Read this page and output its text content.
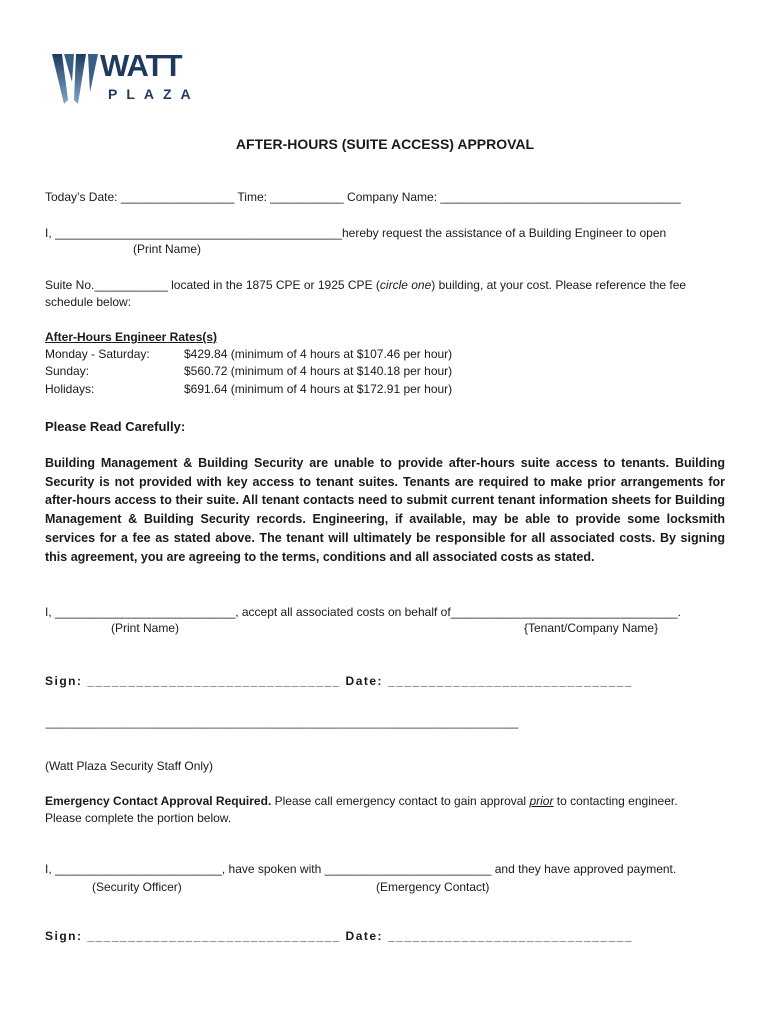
WATT
PLAZA
AFTER-HOURS (SUITE ACCESS) APPROVAL
Today’s Date: _________________ Time: ___________ Company Name: ____________________________________
I, ___________________________________________hereby request the assistance of a Building Engineer to open
(Print Name)
Suite No.___________ located in the 1875 CPE or 1925 CPE (circle one) building, at your cost. Please reference the fee
schedule below:
After-Hours Engineer Rates(s)
Monday - Saturday:	$429.84 (minimum of 4 hours at $107.46 per hour)
Sunday:	$560.72 (minimum of 4 hours at $140.18 per hour)
Holidays:	$691.64 (minimum of 4 hours at $172.91 per hour)
Please Read Carefully:
Building Management & Building Security are unable to provide after-hours suite access to tenants. Building Security is not provided with key access to tenant suites. Tenants are required to make prior arrangements for after-hours access to their suite. All tenant contacts need to submit current tenant information sheets for Building Management & Building Security records. Engineering, if available, may be able to provide some locksmith services for a fee as stated above. The tenant will ultimately be responsible for all associated costs. By signing this agreement, you are agreeing to the terms, conditions and all associated costs as stated.
I, ___________________________, accept all associated costs on behalf of__________________________________.
(Print Name)	{Tenant/Company Name}
Sign: _______________________________ Date: ______________________________
-----------------------------------------------------------------------------------------------------------------------------------------------------------------------------------------------------------
(Watt Plaza Security Staff Only)
Emergency Contact Approval Required. Please call emergency contact to gain approval prior to contacting engineer.
Please complete the portion below.
I, _________________________, have spoken with _________________________ and they have approved payment.
(Security Officer)	(Emergency Contact)
Sign: _______________________________ Date: ______________________________
